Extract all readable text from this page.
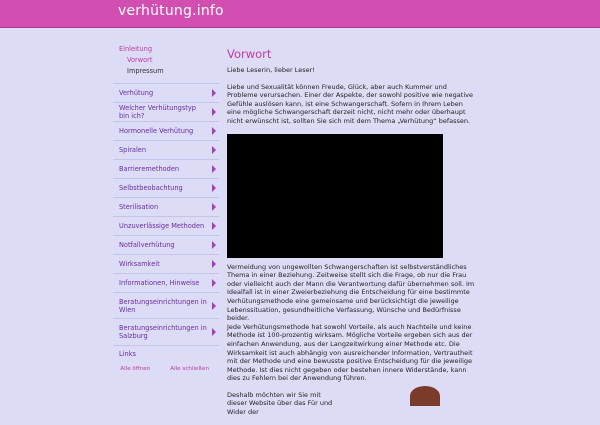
verhütung.info
Einleitung
Vorwort
Impressum
Verhütung
Welcher Verhütungstyp bin ich?
Hormonelle Verhütung
Spiralen
Barrieremethoden
Selbstbeobachtung
Sterilisation
Unzuverlässige Methoden
Notfallverhütung
Wirksamkeit
Informationen, Hinweise
Beratungseinrichtungen in Wien
Beratungseinrichtungen in Salzburg
Links
Alle öffnen	Alle schließen
Vorwort

Liebe Leserin, lieber Leser!

Liebe und Sexualität können Freude, Glück, aber auch Kummer und Probleme verursachen. Einer der Aspekte, der sowohl positive wie negative Gefühle auslösen kann, ist eine Schwangerschaft. Sofern in Ihrem Leben eine mögliche Schwangerschaft derzeit nicht, nicht mehr oder überhaupt nicht erwünscht ist, sollten Sie sich mit dem Thema „Verhütung“ befassen.

Vermeidung von ungewollten Schwangerschaften ist selbstverständliches Thema in einer Beziehung. Zeitweise stellt sich die Frage, ob nur die Frau oder vielleicht auch der Mann die Verantwortung dafür übernehmen soll. Im Idealfall ist in einer Zweierbeziehung die Entscheidung für eine bestimmte Verhütungsmethode eine gemeinsame und berücksichtigt die jeweilige Lebenssituation, gesundheitliche Verfassung, Wünsche und Bedürfnisse beider.

Jede Verhütungsmethode hat sowohl Vorteile, als auch Nachteile und keine Methode ist 100-prozentig wirksam. Mögliche Vorteile ergeben sich aus der einfachen Anwendung, aus der Langzeitwirkung einer Methode etc. Die Wirksamkeit ist auch abhängig von ausreichender Information, Vertrautheit mit der Methode und eine bewusste positive Entscheidung für die jeweilige Methode. Ist dies nicht gegeben oder bestehen innere Widerstände, kann dies zu Fehlern bei der Anwendung führen.

Deshalb möchten wir Sie mit dieser Website über das Für und Wider der
